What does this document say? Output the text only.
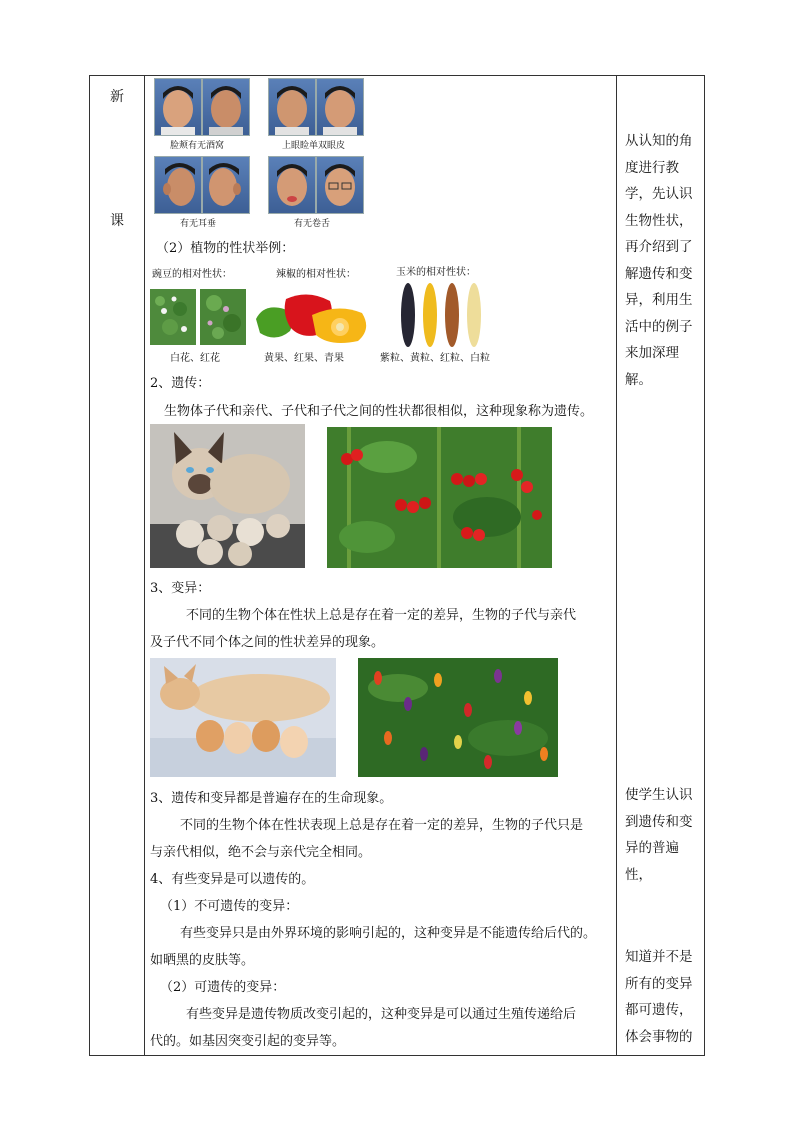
新
课
从认知的角度进行教学，先认识生物性状，再介绍到了解遗传和变异，利用生活中的例子来加深理解。
使学生认识到遗传和变异的普遍性，
知道并不是所有的变异都可遗传，体会事物的
脸颊有无酒窝	上眼睑单双眼皮
有无耳垂	有无卷舌
（2）植物的性状举例：
豌豆的相对性状：	辣椒的相对性状：	玉米的相对性状：
白花、红花	黄果、红果、青果	紫粒、黄粒、红粒、白粒
2、遗传：
生物体子代和亲代、子代和子代之间的性状都很相似，这种现象称为遗传。
3、变异：
不同的生物个体在性状上总是存在着一定的差异，生物的子代与亲代
及子代不同个体之间的性状差异的现象。
3、遗传和变异都是普遍存在的生命现象。
不同的生物个体在性状表现上总是存在着一定的差异，生物的子代只是
与亲代相似，绝不会与亲代完全相同。
4、有些变异是可以遗传的。
（1）不可遗传的变异：
有些变异只是由外界环境的影响引起的，这种变异是不能遗传给后代的。
如晒黑的皮肤等。
（2）可遗传的变异：
有些变异是遗传物质改变引起的，这种变异是可以通过生殖传递给后
代的。如基因突变引起的变异等。
